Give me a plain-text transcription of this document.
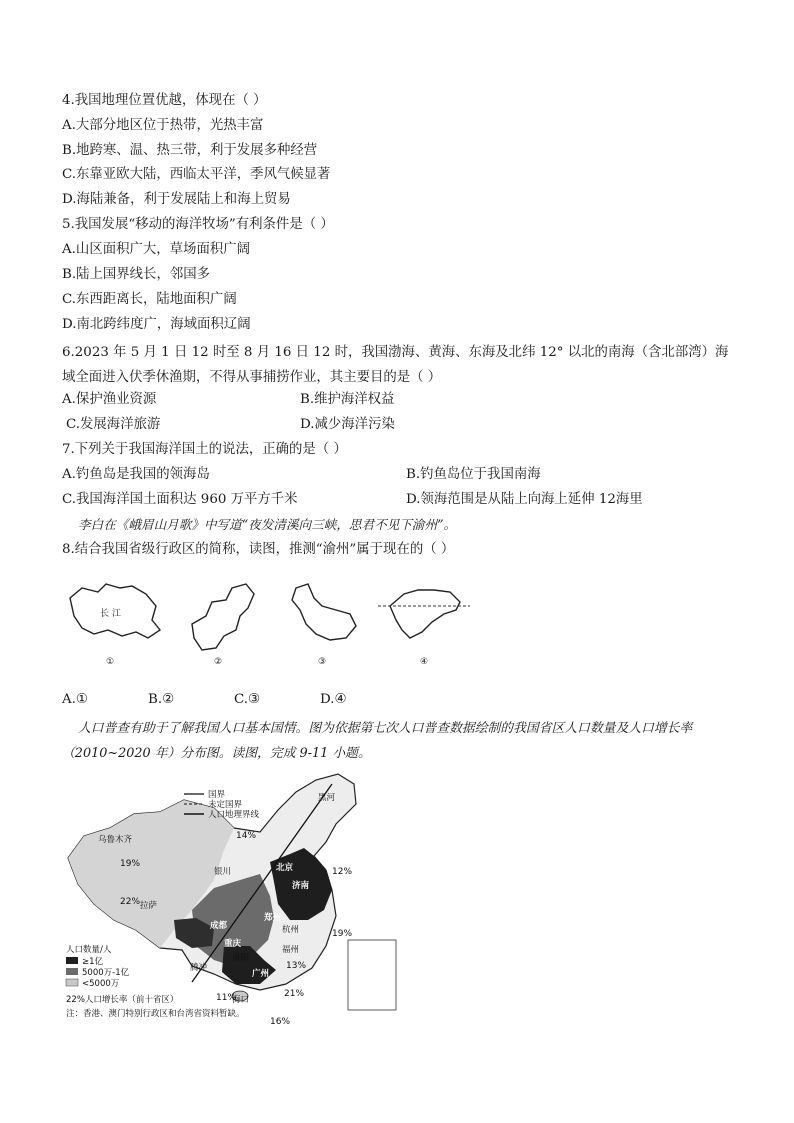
4.我国地理位置优越，体现在（ ）
A.大部分地区位于热带，光热丰富
B.地跨寒、温、热三带，利于发展多种经营
C.东靠亚欧大陆，西临太平洋，季风气候显著
D.海陆兼备，利于发展陆上和海上贸易
5.我国发展“移动的海洋牧场”有利条件是（ ）
A.山区面积广大，草场面积广阔
B.陆上国界线长，邻国多
C.东西距离长，陆地面积广阔
D.南北跨纬度广，海域面积辽阔
6.2023 年 5 月 1 日 12 时至 8 月 16 日 12 时，我国渤海、黄海、东海及北纬 12° 以北的南海（含北部湾）海域全面进入伏季休渔期，不得从事捕捞作业，其主要目的是（ ）
A.保护渔业资源	B.维护海洋权益
C.发展海洋旅游	D.减少海洋污染
7.下列关于我国海洋国土的说法，正确的是（ ）
A.钓鱼岛是我国的领海岛	B.钓鱼岛位于我国南海
C.我国海洋国土面积达 960 万平方千米	D.领海范围是从陆上向海上延伸 12海里
李白在《峨眉山月歌》中写道“夜发清溪向三峡，思君不见下渝州”。
8.结合我国省级行政区的简称，读图，推测“渝州”属于现在的（ ）
长 江
①	②	③	④
A.①	B.②	C.③	D.④
人口普查有助于了解我国人口基本国情。图为依据第七次人口普查数据绘制的我国省区人口数量及人口增长率（2010~2020 年）分布图。读图，完成 9-11 小题。
国界
未定国界
人口地理界线
黑河
乌鲁木齐
银川	北京
济南
郑州
成都
重庆
杭州
贵阳
福州
腾冲
广州
海口
拉萨
14%
19%
12%
22%
19%
13%
11%	21%
16%
人口数量/人
≥1亿
5000万-1亿
<5000万
22%人口增长率（前十省区）
注：香港、澳门特别行政区和台湾省资料暂缺。
